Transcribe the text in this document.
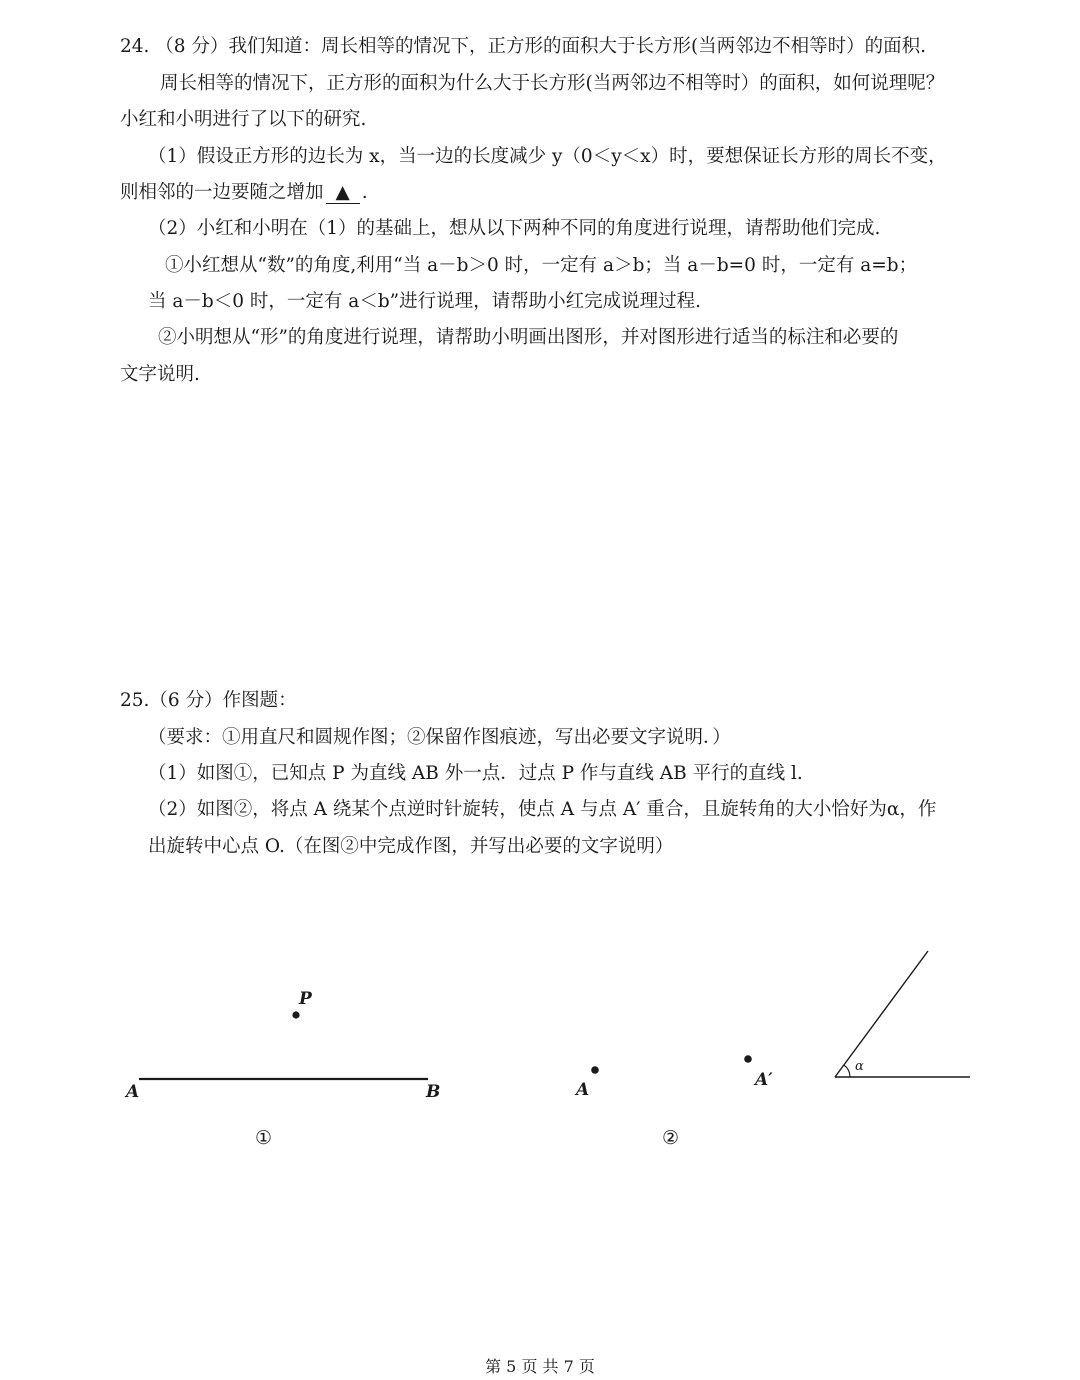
24. （8 分）我们知道：周长相等的情况下，正方形的面积大于长方形(当两邻边不相等时）的面积.
周长相等的情况下，正方形的面积为什么大于长方形(当两邻边不相等时）的面积，如何说理呢？
小红和小明进行了以下的研究.
（1）假设正方形的边长为 x，当一边的长度减少 y（0＜y＜x）时，要想保证长方形的周长不变，
则相邻的一边要随之增加 ▲ .
（2）小红和小明在（1）的基础上，想从以下两种不同的角度进行说理，请帮助他们完成.
①小红想从“数”的角度,利用“当 a－b＞0 时，一定有 a＞b；当 a－b=0 时，一定有 a=b；
当 a－b＜0 时，一定有 a＜b”进行说理，请帮助小红完成说理过程.
②小明想从“形”的角度进行说理，请帮助小明画出图形，并对图形进行适当的标注和必要的
文字说明.
25.（6 分）作图题：
（要求：①用直尺和圆规作图；②保留作图痕迹，写出必要文字说明．）
（1）如图①，已知点 P 为直线 AB 外一点．过点 P 作与直线 AB 平行的直线 l.
（2）如图②，将点 A 绕某个点逆时针旋转，使点 A 与点 A′ 重合，且旋转角的大小恰好为α，作
出旋转中心点 O.（在图②中完成作图，并写出必要的文字说明）
P
A	B
①
A	A′
α
②
第 5 页 共 7 页
